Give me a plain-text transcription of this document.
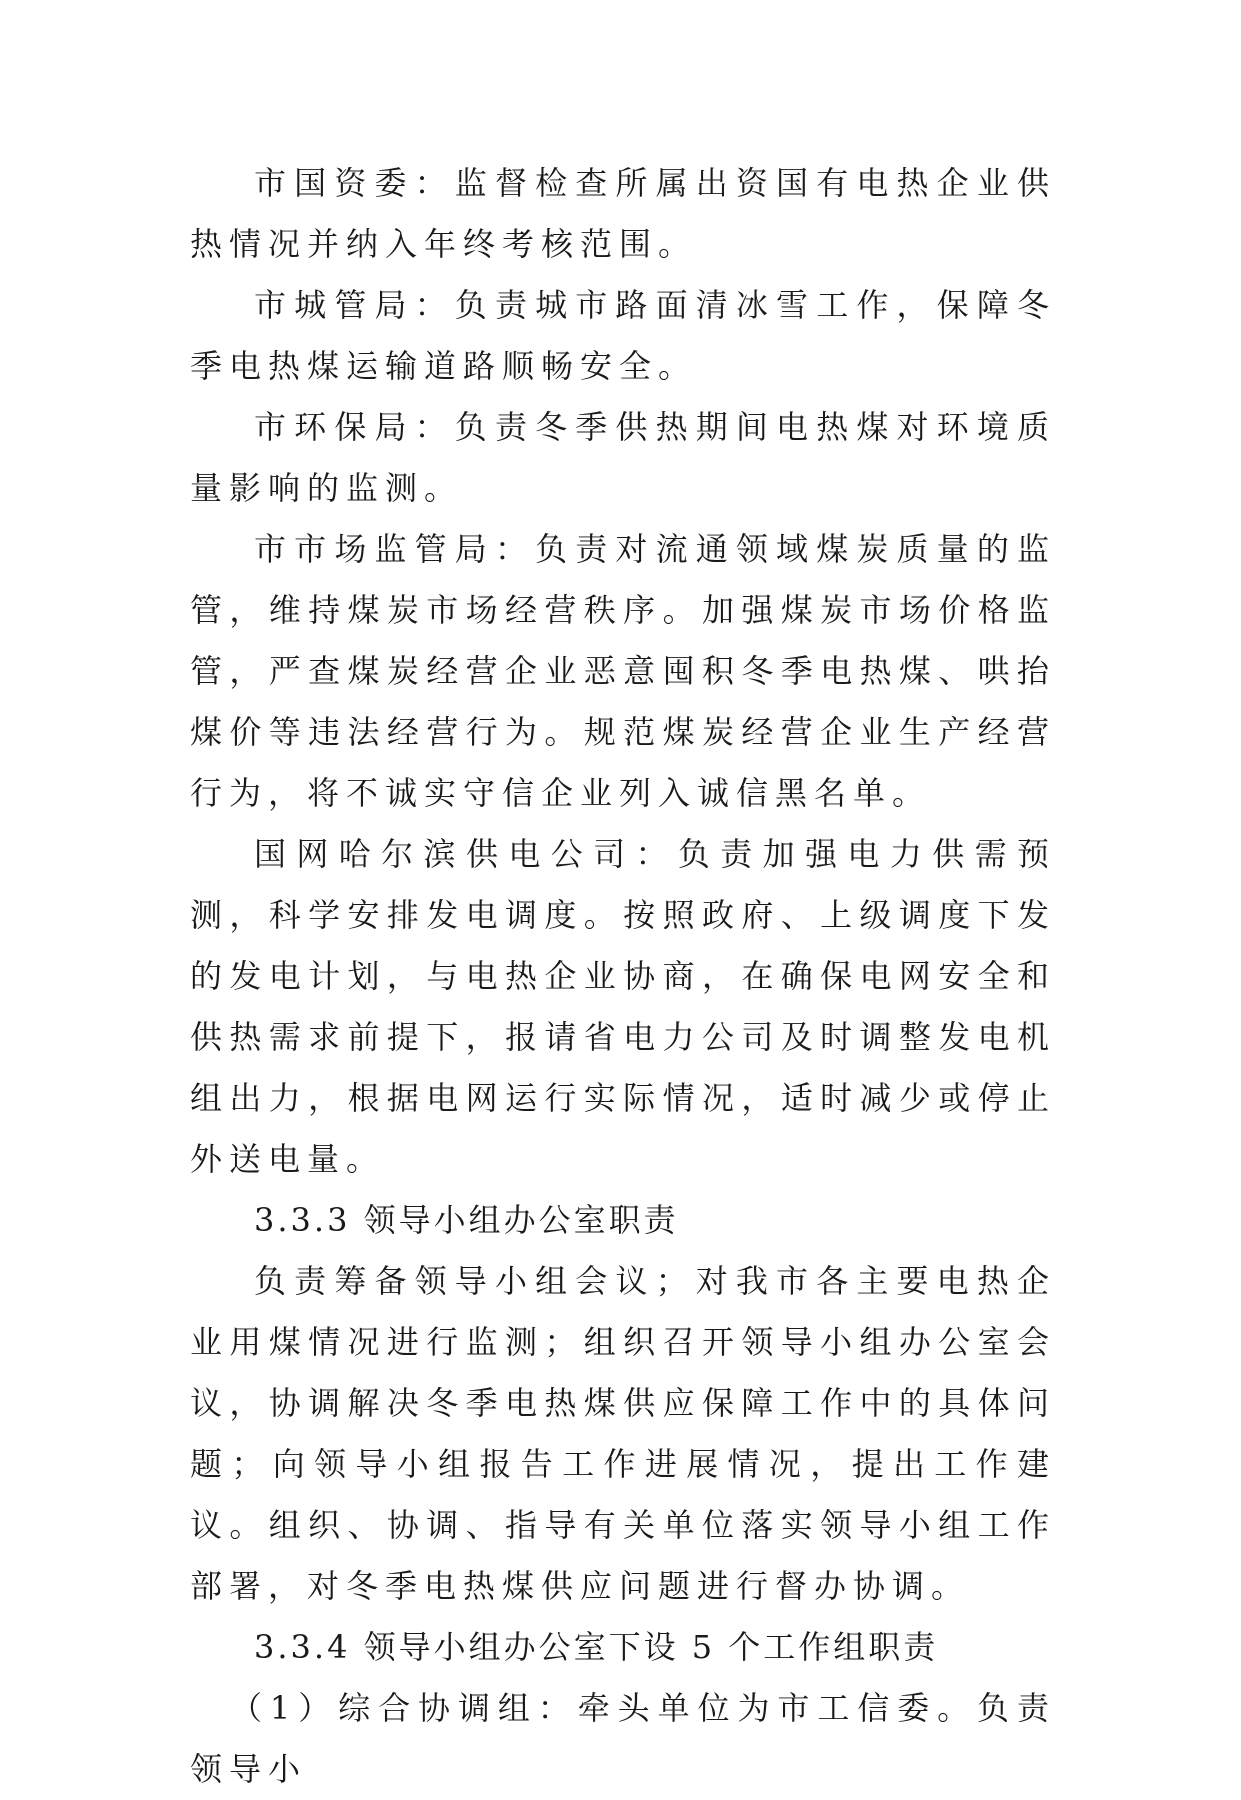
市国资委：监督检查所属出资国有电热企业供热情况并纳入年终考核范围。

市城管局：负责城市路面清冰雪工作，保障冬季电热煤运输道路顺畅安全。

市环保局：负责冬季供热期间电热煤对环境质量影响的监测。

市市场监管局：负责对流通领域煤炭质量的监管，维持煤炭市场经营秩序。加强煤炭市场价格监管，严查煤炭经营企业恶意囤积冬季电热煤、哄抬煤价等违法经营行为。规范煤炭经营企业生产经营行为，将不诚实守信企业列入诚信黑名单。

国网哈尔滨供电公司：负责加强电力供需预测，科学安排发电调度。按照政府、上级调度下发的发电计划，与电热企业协商，在确保电网安全和供热需求前提下，报请省电力公司及时调整发电机组出力，根据电网运行实际情况，适时减少或停止外送电量。

3.3.3 领导小组办公室职责

负责筹备领导小组会议；对我市各主要电热企业用煤情况进行监测；组织召开领导小组办公室会议，协调解决冬季电热煤供应保障工作中的具体问题；向领导小组报告工作进展情况，提出工作建议。组织、协调、指导有关单位落实领导小组工作部署，对冬季电热煤供应问题进行督办协调。

3.3.4 领导小组办公室下设 5 个工作组职责

（1）综合协调组：牵头单位为市工信委。负责领导小
